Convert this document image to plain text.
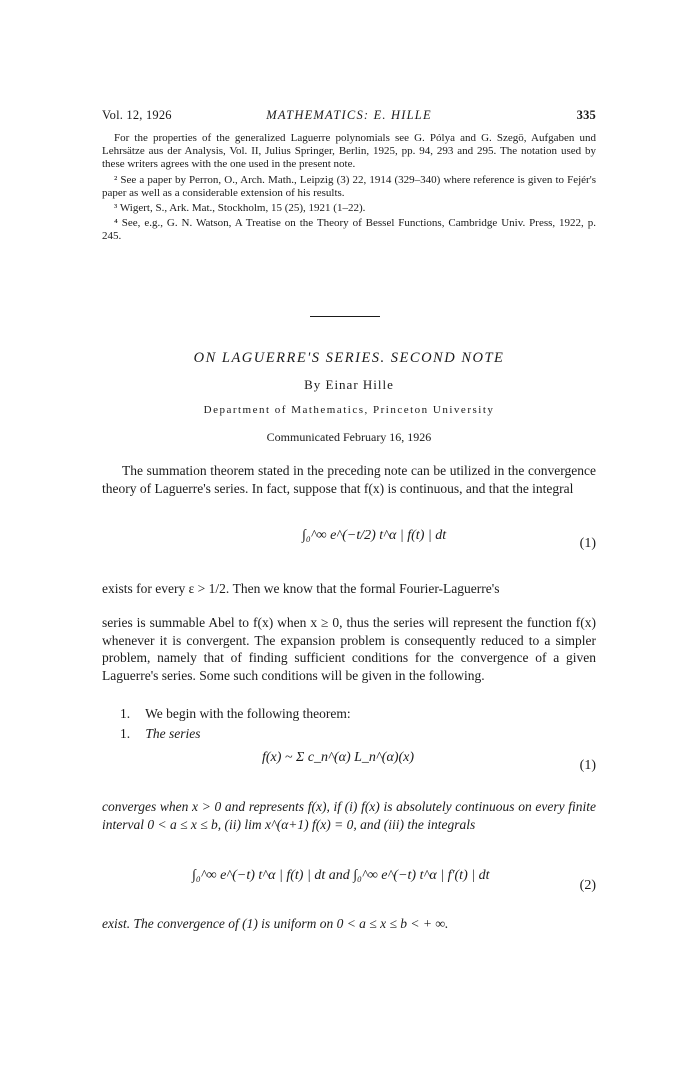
Vol. 12, 1926	MATHEMATICS: E. HILLE	335

For the properties of the generalized Laguerre polynomials see G. Pólya and G. Szegö, Aufgaben und Lehrsätze aus der Analysis, Vol. II, Julius Springer, Berlin, 1925, pp. 94, 293 and 295. The notation used by these writers agrees with the one used in the present note.

² See a paper by Perron, O., Arch. Math., Leipzig (3) 22, 1914 (329–340) where reference is given to Fejér's paper as well as a considerable extension of his results.

³ Wigert, S., Ark. Mat., Stockholm, 15 (25), 1921 (1–22).

⁴ See, e.g., G. N. Watson, A Treatise on the Theory of Bessel Functions, Cambridge Univ. Press, 1922, p. 245.

ON LAGUERRE'S SERIES. SECOND NOTE
By Einar Hille
Department of Mathematics, Princeton University
Communicated February 16, 1926

The summation theorem stated in the preceding note can be utilized in the convergence theory of Laguerre's series. In fact, suppose that f(x) is continuous, and that the integral

∫₀^∞ e^(−t/2) t^α | f(t) | dt
(1)

exists for every ε > 1/2. Then we know that the formal Fourier-Laguerre's

series is summable Abel to f(x) when x ≥ 0, thus the series will represent the function f(x) whenever it is convergent. The expansion problem is consequently reduced to a simpler problem, namely that of finding sufficient conditions for the convergence of a given Laguerre's series. Some such conditions will be given in the following.

1. We begin with the following theorem:
1. The series
f(x) ~ Σ c_n^(α) L_n^(α)(x)
(1)

converges when x > 0 and represents f(x), if (i) f(x) is absolutely continuous on every finite interval 0 < a ≤ x ≤ b, (ii) lim x^(α+1) f(x) = 0, and (iii) the integrals

∫₀^∞ e^(−t) t^α | f(t) | dt and ∫₀^∞ e^(−t) t^α | f′(t) | dt
(2)
exist. The convergence of (1) is uniform on 0 < a ≤ x ≤ b < + ∞.
